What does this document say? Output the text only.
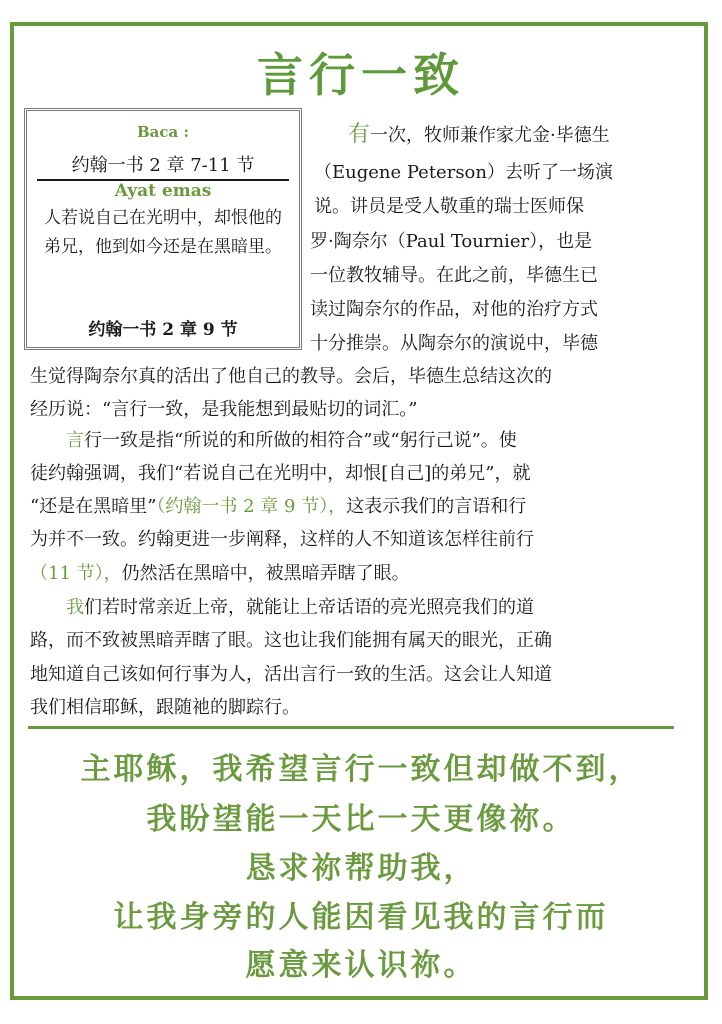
言行一致
Baca :
约翰一书 2 章 7-11 节
Ayat emas
人若说自己在光明中，却恨他的弟兄，他到如今还是在黑暗里。
约翰一书 2 章 9 节
有一次，牧师兼作家尤金·毕德生
（Eugene Peterson）去听了一场演
说。讲员是受人敬重的瑞士医师保
罗·陶奈尔（Paul Tournier），也是
一位教牧辅导。在此之前，毕德生已
读过陶奈尔的作品，对他的治疗方式
十分推崇。从陶奈尔的演说中，毕德
生觉得陶奈尔真的活出了他自己的教导。会后，毕德生总结这次的
经历说：“言行一致，是我能想到最贴切的词汇。”
言行一致是指“所说的和所做的相符合”或“躬行己说”。使
徒约翰强调，我们“若说自己在光明中，却恨[自己]的弟兄”，就
“还是在黑暗里”（约翰一书 2 章 9 节），这表示我们的言语和行
为并不一致。约翰更进一步阐释，这样的人不知道该怎样往前行
（11 节），仍然活在黑暗中，被黑暗弄瞎了眼。
我们若时常亲近上帝，就能让上帝话语的亮光照亮我们的道
路，而不致被黑暗弄瞎了眼。这也让我们能拥有属天的眼光，正确
地知道自己该如何行事为人，活出言行一致的生活。这会让人知道
我们相信耶稣，跟随祂的脚踪行。
主耶稣，我希望言行一致但却做不到，
我盼望能一天比一天更像祢。
恳求祢帮助我，
让我身旁的人能因看见我的言行而
愿意来认识祢。
